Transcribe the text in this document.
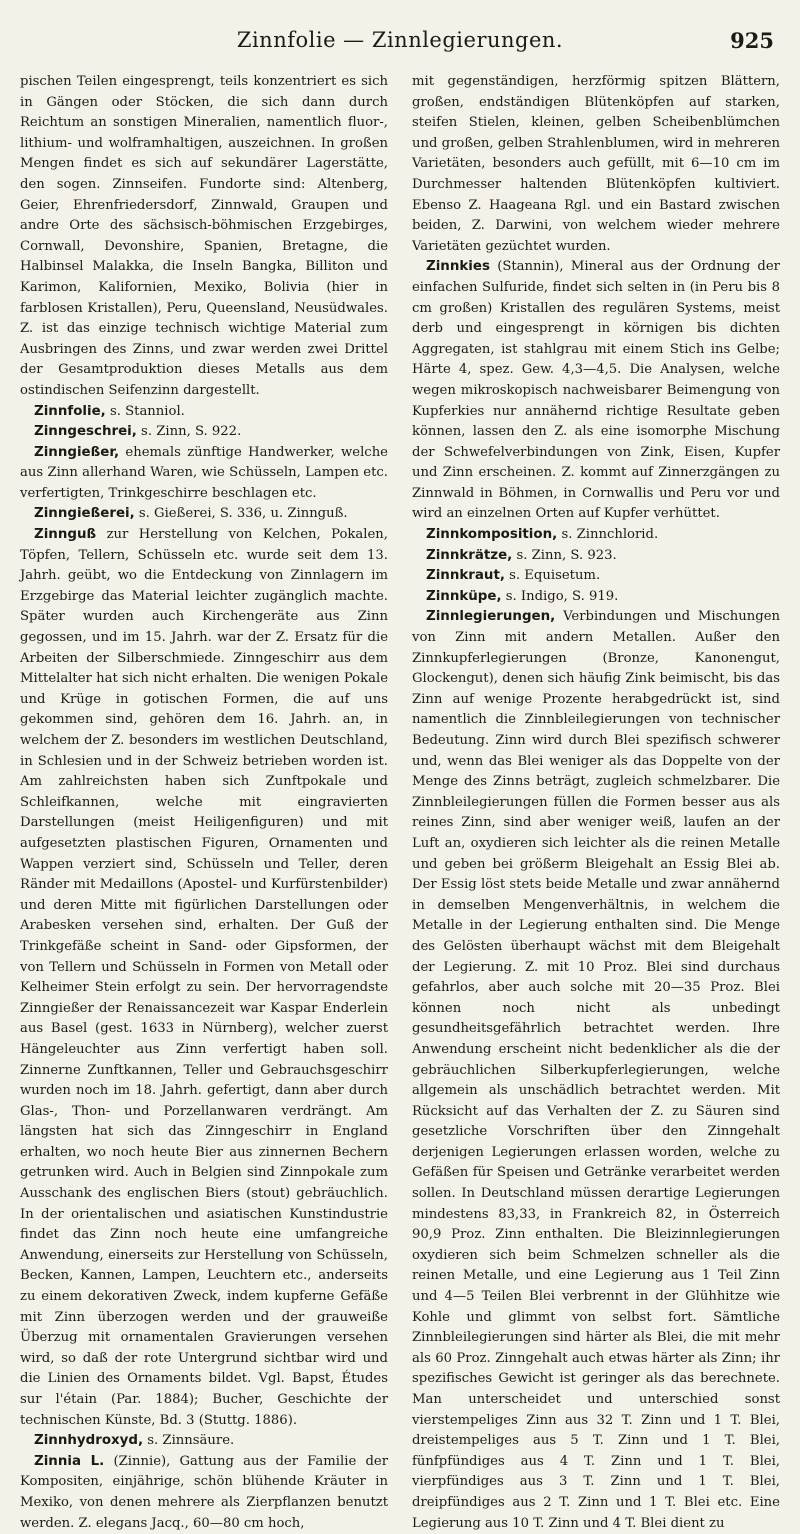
Zinnfolie — Zinnlegierungen.	925

pischen Teilen eingesprengt, teils konzentriert es sich in Gängen oder Stöcken, die sich dann durch Reichtum an sonstigen Mineralien, namentlich fluor-, lithium- und wolframhaltigen, auszeichnen. In großen Mengen findet es sich auf sekundärer Lagerstätte, den sogen. Zinnseifen. Fundorte sind: Altenberg, Geier, Ehrenfriedersdorf, Zinnwald, Graupen und andre Orte des sächsisch-böhmischen Erzgebirges, Cornwall, Devonshire, Spanien, Bretagne, die Halbinsel Malakka, die Inseln Bangka, Billiton und Karimon, Kalifornien, Mexiko, Bolivia (hier in farblosen Kristallen), Peru, Queensland, Neusüdwales. Z. ist das einzige technisch wichtige Material zum Ausbringen des Zinns, und zwar werden zwei Drittel der Gesamtproduktion dieses Metalls aus dem ostindischen Seifenzinn dargestellt.

Zinnfolie, s. Stanniol.

Zinngeschrei, s. Zinn, S. 922.

Zinngießer, ehemals zünftige Handwerker, welche aus Zinn allerhand Waren, wie Schüsseln, Lampen etc. verfertigten, Trinkgeschirre beschlagen etc.

Zinngießerei, s. Gießerei, S. 336, u. Zinnguß.

Zinnguß zur Herstellung von Kelchen, Pokalen, Töpfen, Tellern, Schüsseln etc. wurde seit dem 13. Jahrh. geübt, wo die Entdeckung von Zinnlagern im Erzgebirge das Material leichter zugänglich machte. Später wurden auch Kirchengeräte aus Zinn gegossen, und im 15. Jahrh. war der Z. Ersatz für die Arbeiten der Silberschmiede. Zinngeschirr aus dem Mittelalter hat sich nicht erhalten. Die wenigen Pokale und Krüge in gotischen Formen, die auf uns gekommen sind, gehören dem 16. Jahrh. an, in welchem der Z. besonders im westlichen Deutschland, in Schlesien und in der Schweiz betrieben worden ist. Am zahlreichsten haben sich Zunftpokale und Schleifkannen, welche mit eingravierten Darstellungen (meist Heiligenfiguren) und mit aufgesetzten plastischen Figuren, Ornamenten und Wappen verziert sind, Schüsseln und Teller, deren Ränder mit Medaillons (Apostel- und Kurfürstenbilder) und deren Mitte mit figürlichen Darstellungen oder Arabesken versehen sind, erhalten. Der Guß der Trinkgefäße scheint in Sand- oder Gipsformen, der von Tellern und Schüsseln in Formen von Metall oder Kelheimer Stein erfolgt zu sein. Der hervorragendste Zinngießer der Renaissancezeit war Kaspar Enderlein aus Basel (gest. 1633 in Nürnberg), welcher zuerst Hängeleuchter aus Zinn verfertigt haben soll. Zinnerne Zunftkannen, Teller und Gebrauchsgeschirr wurden noch im 18. Jahrh. gefertigt, dann aber durch Glas-, Thon- und Porzellanwaren verdrängt. Am längsten hat sich das Zinngeschirr in England erhalten, wo noch heute Bier aus zinnernen Bechern getrunken wird. Auch in Belgien sind Zinnpokale zum Ausschank des englischen Biers (stout) gebräuchlich. In der orientalischen und asiatischen Kunstindustrie findet das Zinn noch heute eine umfangreiche Anwendung, einerseits zur Herstellung von Schüsseln, Becken, Kannen, Lampen, Leuchtern etc., anderseits zu einem dekorativen Zweck, indem kupferne Gefäße mit Zinn überzogen werden und der grauweiße Überzug mit ornamentalen Gravierungen versehen wird, so daß der rote Untergrund sichtbar wird und die Linien des Ornaments bildet. Vgl. Bapst, Études sur l'étain (Par. 1884); Bucher, Geschichte der technischen Künste, Bd. 3 (Stuttg. 1886).

Zinnhydroxyd, s. Zinnsäure.

Zinnia L. (Zinnie), Gattung aus der Familie der Kompositen, einjährige, schön blühende Kräuter in Mexiko, von denen mehrere als Zierpflanzen benutzt werden. Z. elegans Jacq., 60—80 cm hoch,

mit gegenständigen, herzförmig spitzen Blättern, großen, endständigen Blütenköpfen auf starken, steifen Stielen, kleinen, gelben Scheibenblümchen und großen, gelben Strahlenblumen, wird in mehreren Varietäten, besonders auch gefüllt, mit 6—10 cm im Durchmesser haltenden Blütenköpfen kultiviert. Ebenso Z. Haageana Rgl. und ein Bastard zwischen beiden, Z. Darwini, von welchem wieder mehrere Varietäten gezüchtet wurden.

Zinnkies (Stannin), Mineral aus der Ordnung der einfachen Sulfuride, findet sich selten in (in Peru bis 8 cm großen) Kristallen des regulären Systems, meist derb und eingesprengt in körnigen bis dichten Aggregaten, ist stahlgrau mit einem Stich ins Gelbe; Härte 4, spez. Gew. 4,3—4,5. Die Analysen, welche wegen mikroskopisch nachweisbarer Beimengung von Kupferkies nur annähernd richtige Resultate geben können, lassen den Z. als eine isomorphe Mischung der Schwefelverbindungen von Zink, Eisen, Kupfer und Zinn erscheinen. Z. kommt auf Zinnerzgängen zu Zinnwald in Böhmen, in Cornwallis und Peru vor und wird an einzelnen Orten auf Kupfer verhüttet.

Zinnkomposition, s. Zinnchlorid.

Zinnkrätze, s. Zinn, S. 923.

Zinnkraut, s. Equisetum.

Zinnküpe, s. Indigo, S. 919.

Zinnlegierungen, Verbindungen und Mischungen von Zinn mit andern Metallen. Außer den Zinnkupferlegierungen (Bronze, Kanonengut, Glockengut), denen sich häufig Zink beimischt, bis das Zinn auf wenige Prozente herabgedrückt ist, sind namentlich die Zinnbleilegierungen von technischer Bedeutung. Zinn wird durch Blei spezifisch schwerer und, wenn das Blei weniger als das Doppelte von der Menge des Zinns beträgt, zugleich schmelzbarer. Die Zinnbleilegierungen füllen die Formen besser aus als reines Zinn, sind aber weniger weiß, laufen an der Luft an, oxydieren sich leichter als die reinen Metalle und geben bei größerm Bleigehalt an Essig Blei ab. Der Essig löst stets beide Metalle und zwar annähernd in demselben Mengenverhältnis, in welchem die Metalle in der Legierung enthalten sind. Die Menge des Gelösten überhaupt wächst mit dem Bleigehalt der Legierung. Z. mit 10 Proz. Blei sind durchaus gefahrlos, aber auch solche mit 20—35 Proz. Blei können noch nicht als unbedingt gesundheitsgefährlich betrachtet werden. Ihre Anwendung erscheint nicht bedenklicher als die der gebräuchlichen Silberkupferlegierungen, welche allgemein als unschädlich betrachtet werden. Mit Rücksicht auf das Verhalten der Z. zu Säuren sind gesetzliche Vorschriften über den Zinngehalt derjenigen Legierungen erlassen worden, welche zu Gefäßen für Speisen und Getränke verarbeitet werden sollen. In Deutschland müssen derartige Legierungen mindestens 83,33, in Frankreich 82, in Österreich 90,9 Proz. Zinn enthalten. Die Bleizinnlegierungen oxydieren sich beim Schmelzen schneller als die reinen Metalle, und eine Legierung aus 1 Teil Zinn und 4—5 Teilen Blei verbrennt in der Glühhitze wie Kohle und glimmt von selbst fort. Sämtliche Zinnbleilegierungen sind härter als Blei, die mit mehr als 60 Proz. Zinngehalt auch etwas härter als Zinn; ihr spezifisches Gewicht ist geringer als das berechnete. Man unterscheidet und unterschied sonst vierstempeliges Zinn aus 32 T. Zinn und 1 T. Blei, dreistempeliges aus 5 T. Zinn und 1 T. Blei, fünfpfündiges aus 4 T. Zinn und 1 T. Blei, vierpfündiges aus 3 T. Zinn und 1 T. Blei, dreipfündiges aus 2 T. Zinn und 1 T. Blei etc. Eine Legierung aus 10 T. Zinn und 4 T. Blei dient zu
